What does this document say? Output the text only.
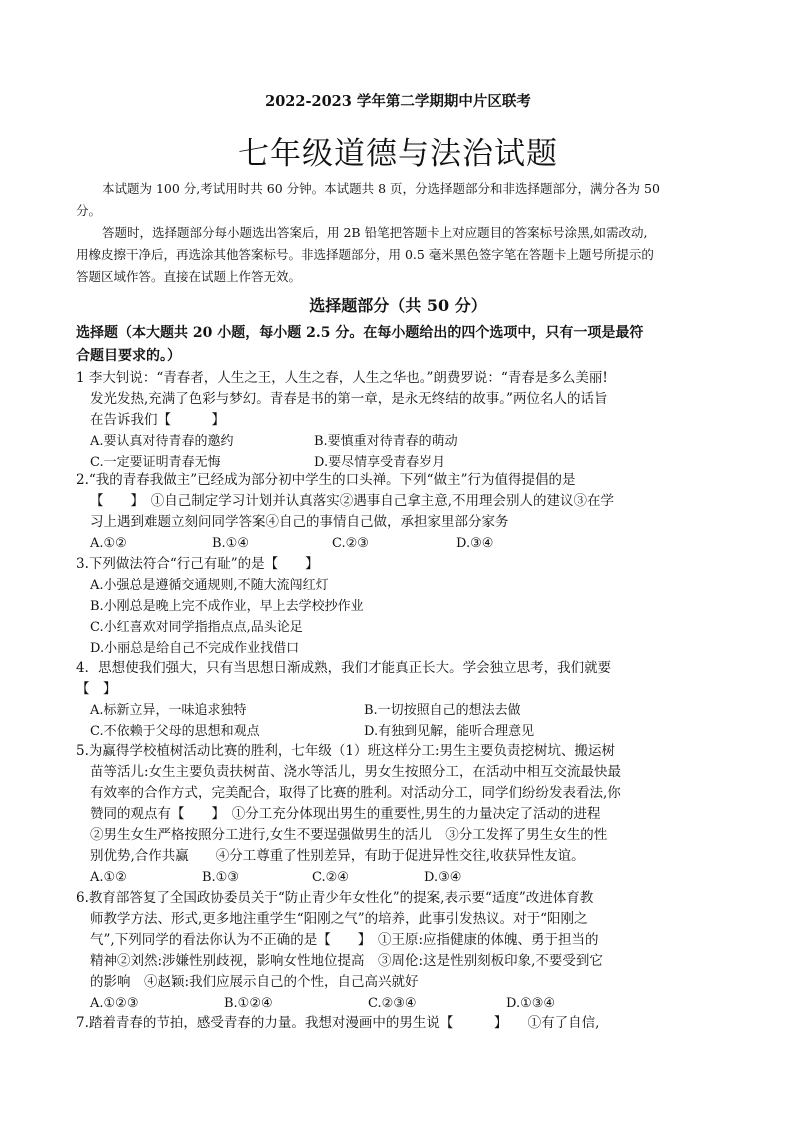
2022-2023 学年第二学期期中片区联考
七年级道德与法治试题
本试题为 100 分,考试用时共 60 分钟。本试题共 8 页，分选择题部分和非选择题部分，满分各为 50
分。
答题时，选择题部分每小题选出答案后，用 2B 铅笔把答题卡上对应题目的答案标号涂黑,如需改动,
用橡皮擦干净后，再选涂其他答案标号。非选择题部分，用 0.5 毫米黑色签字笔在答题卡上题号所提示的
答题区域作答。直接在试题上作答无效。
选择题部分（共 50 分）
选择题（本大题共 20 小题，每小题 2.5 分。在每小题给出的四个选项中，只有一项是最符
合题目要求的。）
1 李大钊说：“青春者，人生之王，人生之春，人生之华也。”朗费罗说：“青春是多么美丽!
发光发热,充满了色彩与梦幻。青春是书的第一章，是永无终结的故事。”两位名人的话旨
在告诉我们【　　　】
A.要认真对待青春的邀约	B.要慎重对待青春的萌动
C.一定要证明青春无悔	D.要尽情享受青春岁月
2.“我的青春我做主”已经成为部分初中学生的口头禅。下列“做主”行为值得提倡的是
【　　】　①自己制定学习计划并认真落实②遇事自己拿主意,不用理会别人的建议③在学
习上遇到难题立刻问同学答案④自己的事情自己做，承担家里部分家务
A.①②	B.①④	C.②③	D.③④
3.下列做法符合“行己有耻”的是【　　】
A.小强总是遵循交通规则,不随大流闯红灯
B.小刚总是晚上完不成作业，早上去学校抄作业
C.小红喜欢对同学指指点点,品头论足
D.小丽总是给自己不完成作业找借口
4．思想使我们强大，只有当思想日渐成熟，我们才能真正长大。学会独立思考，我们就要
【　】
A.标新立异，一味追求独特	B.一切按照自己的想法去做
C.不依赖于父母的思想和观点	D.有独到见解，能听合理意见
5.为赢得学校植树活动比赛的胜利，七年级（1）班这样分工:男生主要负责挖树坑、搬运树
苗等活儿:女生主要负责扶树苗、浇水等活儿，男女生按照分工，在活动中相互交流最快最
有效率的合作方式，完美配合，取得了比赛的胜利。对活动分工，同学们纷纷发表看法,你
赞同的观点有【　　】　①分工充分体现出男生的重要性,男生的力量决定了活动的进程
②男生女生严格按照分工进行,女生不要逞强做男生的活儿　③分工发挥了男生女生的性
别优势,合作共赢　　④分工尊重了性别差异，有助于促进异性交往,收获异性友谊。
A.①②	B.①③	C.②④	D.③④
6.教育部答复了全国政协委员关于“防止青少年女性化”的提案,表示要“适度”改进体育教
师教学方法、形式,更多地注重学生“阳刚之气”的培养，此事引发热议。对于“阳刚之
气”,下列同学的看法你认为不正确的是【　　】　①王原:应指健康的体魄、勇于担当的
精神②刘然:涉嫌性别歧视，影响女性地位提高　③周伦:这是性别刻板印象,不要受到它
的影响　④赵颖:我们应展示自己的个性，自己高兴就好
A.①②③	B.①②④	C.②③④	D.①③④
7.踏着青春的节拍，感受青春的力量。我想对漫画中的男生说【　　　】　　①有了自信,
